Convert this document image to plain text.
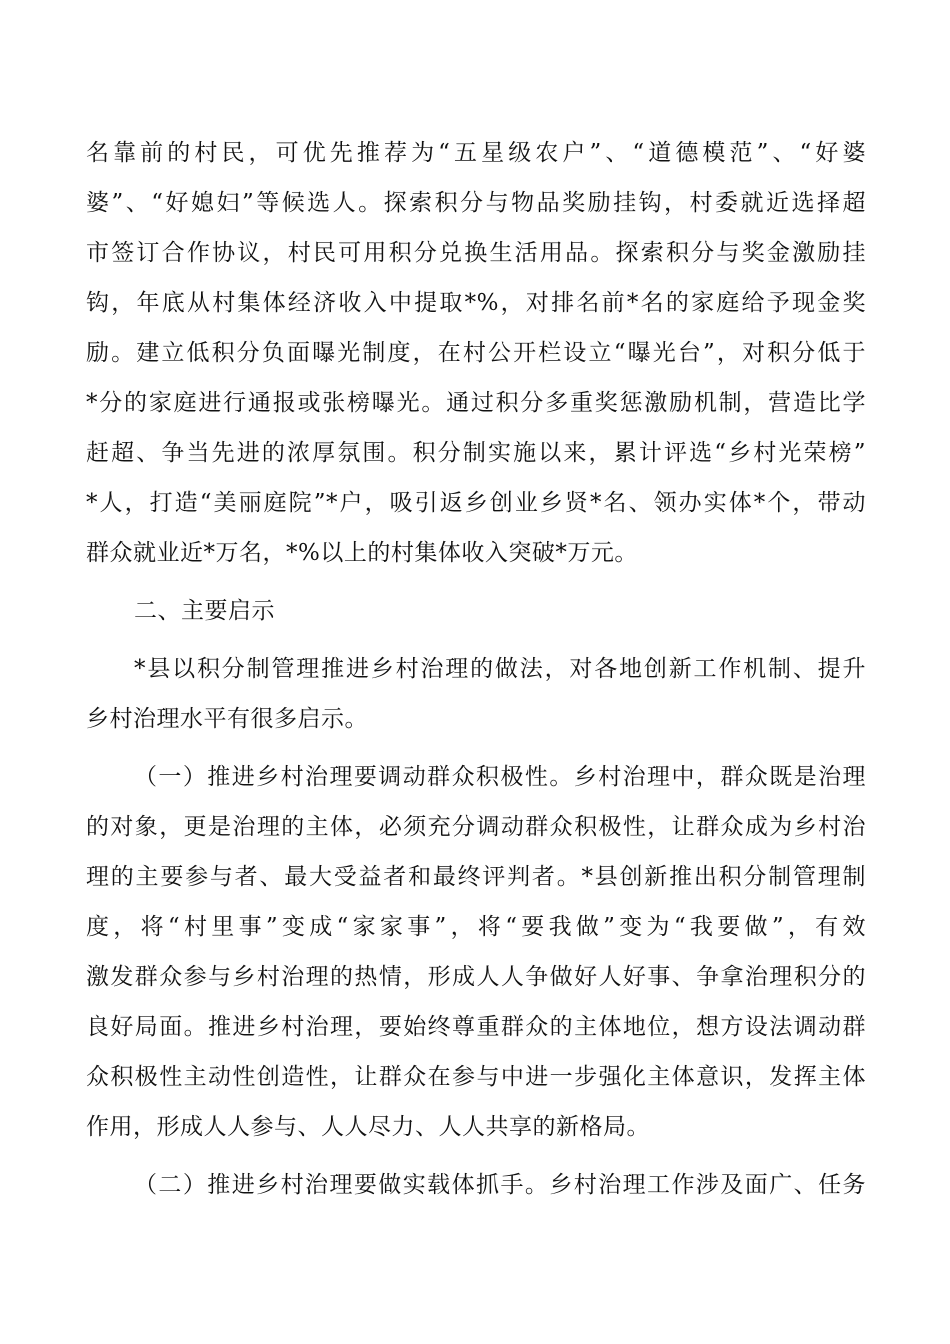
名靠前的村民，可优先推荐为“五星级农户”、“道德模范”、“好婆
婆”、“好媳妇”等候选人。探索积分与物品奖励挂钩，村委就近选择超
市签订合作协议，村民可用积分兑换生活用品。探索积分与奖金激励挂
钩，年底从村集体经济收入中提取*%，对排名前*名的家庭给予现金奖
励。建立低积分负面曝光制度，在村公开栏设立“曝光台”，对积分低于
*分的家庭进行通报或张榜曝光。通过积分多重奖惩激励机制，营造比学
赶超、争当先进的浓厚氛围。积分制实施以来，累计评选“乡村光荣榜”
*人，打造“美丽庭院”*户，吸引返乡创业乡贤*名、领办实体*个，带动
群众就业近*万名，*%以上的村集体收入突破*万元。
二、主要启示
*县以积分制管理推进乡村治理的做法，对各地创新工作机制、提升
乡村治理水平有很多启示。
（一）推进乡村治理要调动群众积极性。乡村治理中，群众既是治理
的对象，更是治理的主体，必须充分调动群众积极性，让群众成为乡村治
理的主要参与者、最大受益者和最终评判者。*县创新推出积分制管理制
度，将“村里事”变成“家家事”，将“要我做”变为“我要做”，有效
激发群众参与乡村治理的热情，形成人人争做好人好事、争拿治理积分的
良好局面。推进乡村治理，要始终尊重群众的主体地位，想方设法调动群
众积极性主动性创造性，让群众在参与中进一步强化主体意识，发挥主体
作用，形成人人参与、人人尽力、人人共享的新格局。
（二）推进乡村治理要做实载体抓手。乡村治理工作涉及面广、任务
